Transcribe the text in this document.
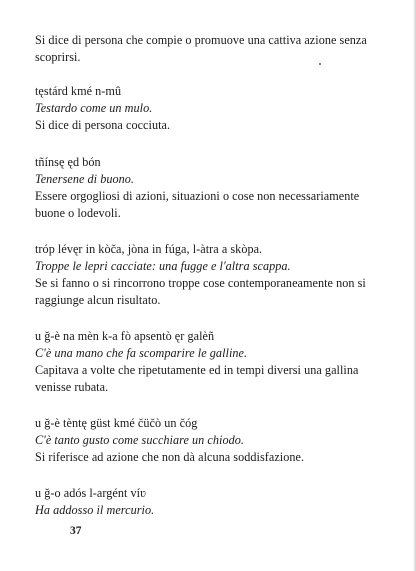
Si dice di persona che compie o promuove una cattiva azione senza

scoprirsi.

tęstárd kmé n-mû

Testardo come un mulo.

Si dice di persona cocciuta.

tñínsę ęd bón

Tenersene di buono.

Essere orgogliosi di azioni, situazioni o cose non necessariamente

buone o lodevoli.

tróp lévęr in kòča, jòna in fúga, l-àtra a skòpa.

Troppe le lepri cacciate: una fugge e l'altra scappa.

Se si fanno o si rincorrono troppe cose contemporaneamente non si

raggiunge alcun risultato.

u ğ-è na mèn k-a fò apsentò ęr galèñ

C'è una mano che fa scomparire le galline.

Capitava a volte che ripetutamente ed in tempi diversi una gallina

venisse rubata.

u ğ-è tèntę güst kmé čüčò un čóg

C'è tanto gusto come succhiare un chiodo.

Si riferisce ad azione che non dà alcuna soddisfazione.

u ğ-o adós l-argént víʋ

Ha addosso il mercurio.

37
